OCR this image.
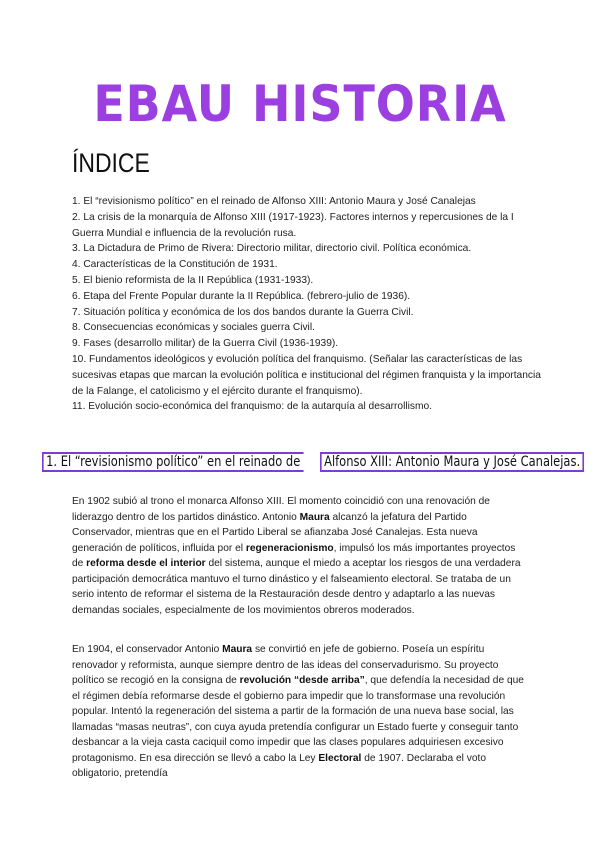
EBAU HISTORIA
ÍNDICE
1. El “revisionismo político” en el reinado de Alfonso XIII: Antonio Maura y José Canalejas
2. La crisis de la monarquía de Alfonso XIII (1917-1923). Factores internos y repercusiones de la I Guerra Mundial e influencia de la revolución rusa.
3. La Dictadura de Primo de Rivera: Directorio militar, directorio civil. Política económica.
4. Características de la Constitución de 1931.
5. El bienio reformista de la II República (1931-1933).
6. Etapa del Frente Popular durante la II República. (febrero-julio de 1936).
7. Situación política y económica de los dos bandos durante la Guerra Civil.
8. Consecuencias económicas y sociales guerra Civil.
9. Fases (desarrollo militar) de la Guerra Civil (1936-1939).
10. Fundamentos ideológicos y evolución política del franquismo. (Señalar las características de las sucesivas etapas que marcan la evolución política e institucional del régimen franquista y la importancia de la Falange, el catolicismo y el ejército durante el franquismo).
11. Evolución socio-económica del franquismo: de la autarquía al desarrollismo.
1. El “revisionismo político” en el reinado de	Alfonso XIII: Antonio Maura y José Canalejas.

En 1902 subió al trono el monarca Alfonso XIII. El momento coincidió con una renovación de liderazgo dentro de los partidos dinástico. Antonio Maura alcanzó la jefatura del Partido Conservador, mientras que en el Partido Liberal se afianzaba José Canalejas. Esta nueva generación de políticos, influida por el regeneracionismo, impulsó los más importantes proyectos de reforma desde el interior del sistema, aunque el miedo a aceptar los riesgos de una verdadera participación democrática mantuvo el turno dinástico y el falseamiento electoral. Se trataba de un serio intento de reformar el sistema de la Restauración desde dentro y adaptarlo a las nuevas demandas sociales, especialmente de los movimientos obreros moderados.

En 1904, el conservador Antonio Maura se convirtió en jefe de gobierno. Poseía un espíritu renovador y reformista, aunque siempre dentro de las ideas del conservadurismo. Su proyecto político se recogió en la consigna de revolución “desde arriba”, que defendía la necesidad de que el régimen debía reformarse desde el gobierno para impedir que lo transformase una revolución popular. Intentó la regeneración del sistema a partir de la formación de una nueva base social, las llamadas “masas neutras”, con cuya ayuda pretendía configurar un Estado fuerte y conseguir tanto desbancar a la vieja casta caciquil como impedir que las clases populares adquiriesen excesivo protagonismo. En esa dirección se llevó a cabo la Ley Electoral de 1907. Declaraba el voto obligatorio, pretendía
